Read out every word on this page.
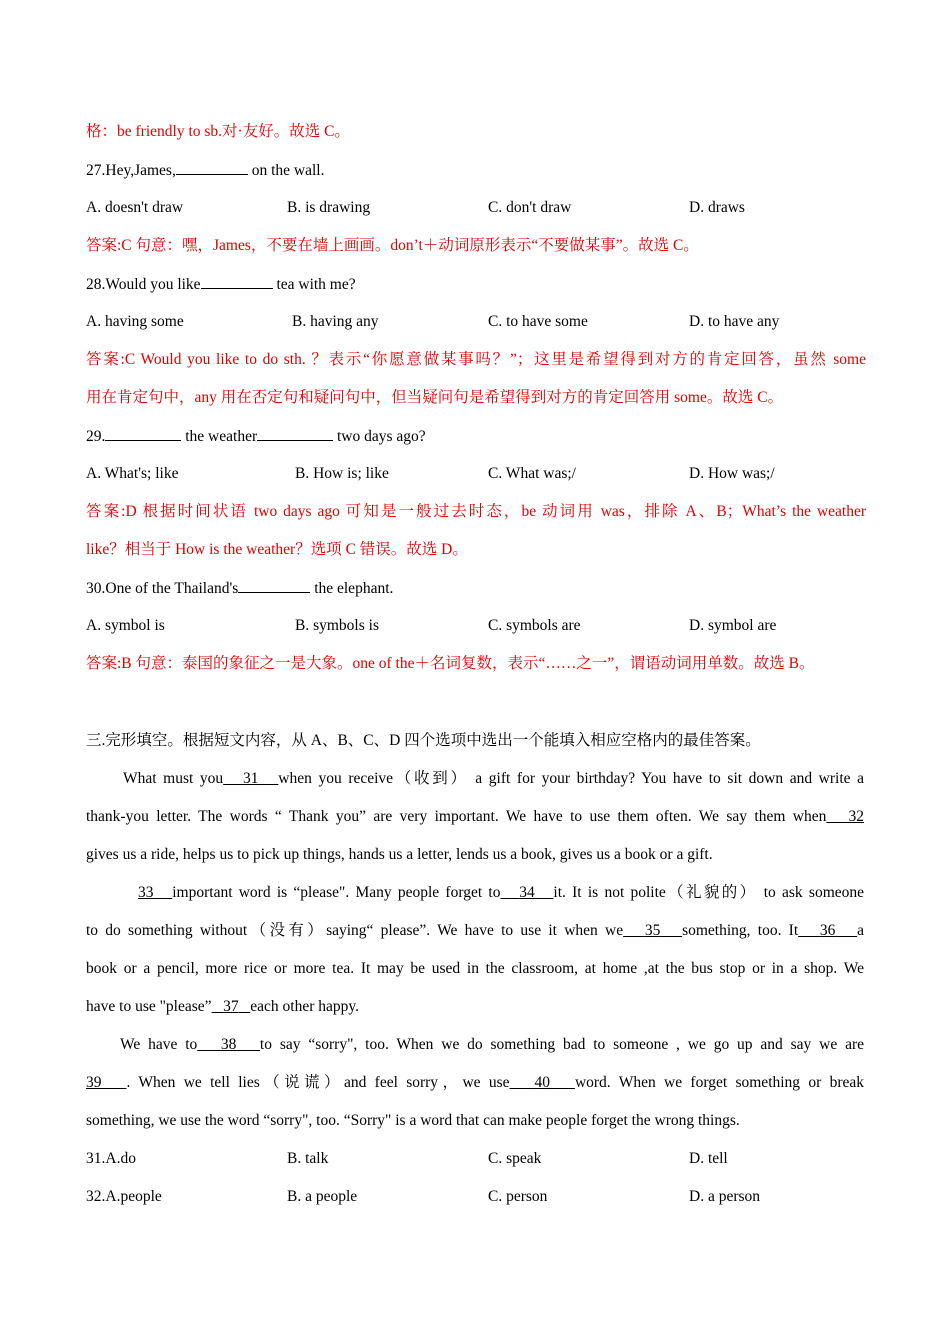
格：be friendly to sb.对·友好。故选 C。
27.Hey,James,	on the wall.
A. doesn't draw	B. is drawing	C. don't draw	D. draws
答案:C 句意：嘿，James，不要在墙上画画。don’t＋动词原形表示“不要做某事”。故选 C。
28.Would you like	tea with me?
A. having some	B. having any	C. to have some	D. to have any
答案:C Would you like to do sth. ？表示“你愿意做某事吗？”；这里是希望得到对方的肯定回答，虽然 some
用在肯定句中，any 用在否定句和疑问句中，但当疑问句是希望得到对方的肯定回答用 some。故选 C。
29.	the weather	two days ago?
A. What's; like	B. How is; like	C. What was;/	D. How was;/
答案:D 根据时间状语 two days ago 可知是一般过去时态，be 动词用 was，排除 A、B；What’s the weather
like？相当于 How is the weather？选项 C 错误。故选 D。
30.One of the Thailand's	the elephant.
A. symbol is	B. symbols is	C. symbols are	D. symbol are
答案:B 句意：泰国的象征之一是大象。one of the＋名词复数，表示“……之一”，谓语动词用单数。故选 B。
三.完形填空。根据短文内容，从 A、B、C、D 四个选项中选出一个能填入相应空格内的最佳答案。
What must you 31 when you receive（收到） a gift for your birthday? You have to sit down and write a
thank-you letter. The words “ Thank you” are very important. We have to use them often. We say them when 32
gives us a ride, helps us to pick up things, hands us a letter, lends us a book, gives us a book or a gift.
33 important word is “please". Many people forget to 34 it. It is not polite（礼貌的） to ask someone
to do something without（没有）saying“ please”. We have to use it when we 35 something, too. It 36 a
book or a pencil, more rice or more tea. It may be used in the classroom, at home ,at the bus stop or in a shop. We
have to use "please” 37 each other happy.
We have to 38 to say “sorry", too. When we do something bad to someone , we go up and say we are
39 . When we tell lies（说谎）and feel sorry，we use 40 word. When we forget something or break
something, we use the word “sorry", too. “Sorry" is a word that can make people forget the wrong things.
31.A.do	B. talk	C. speak	D. tell
32.A.people	B. a people	C. person	D. a person
